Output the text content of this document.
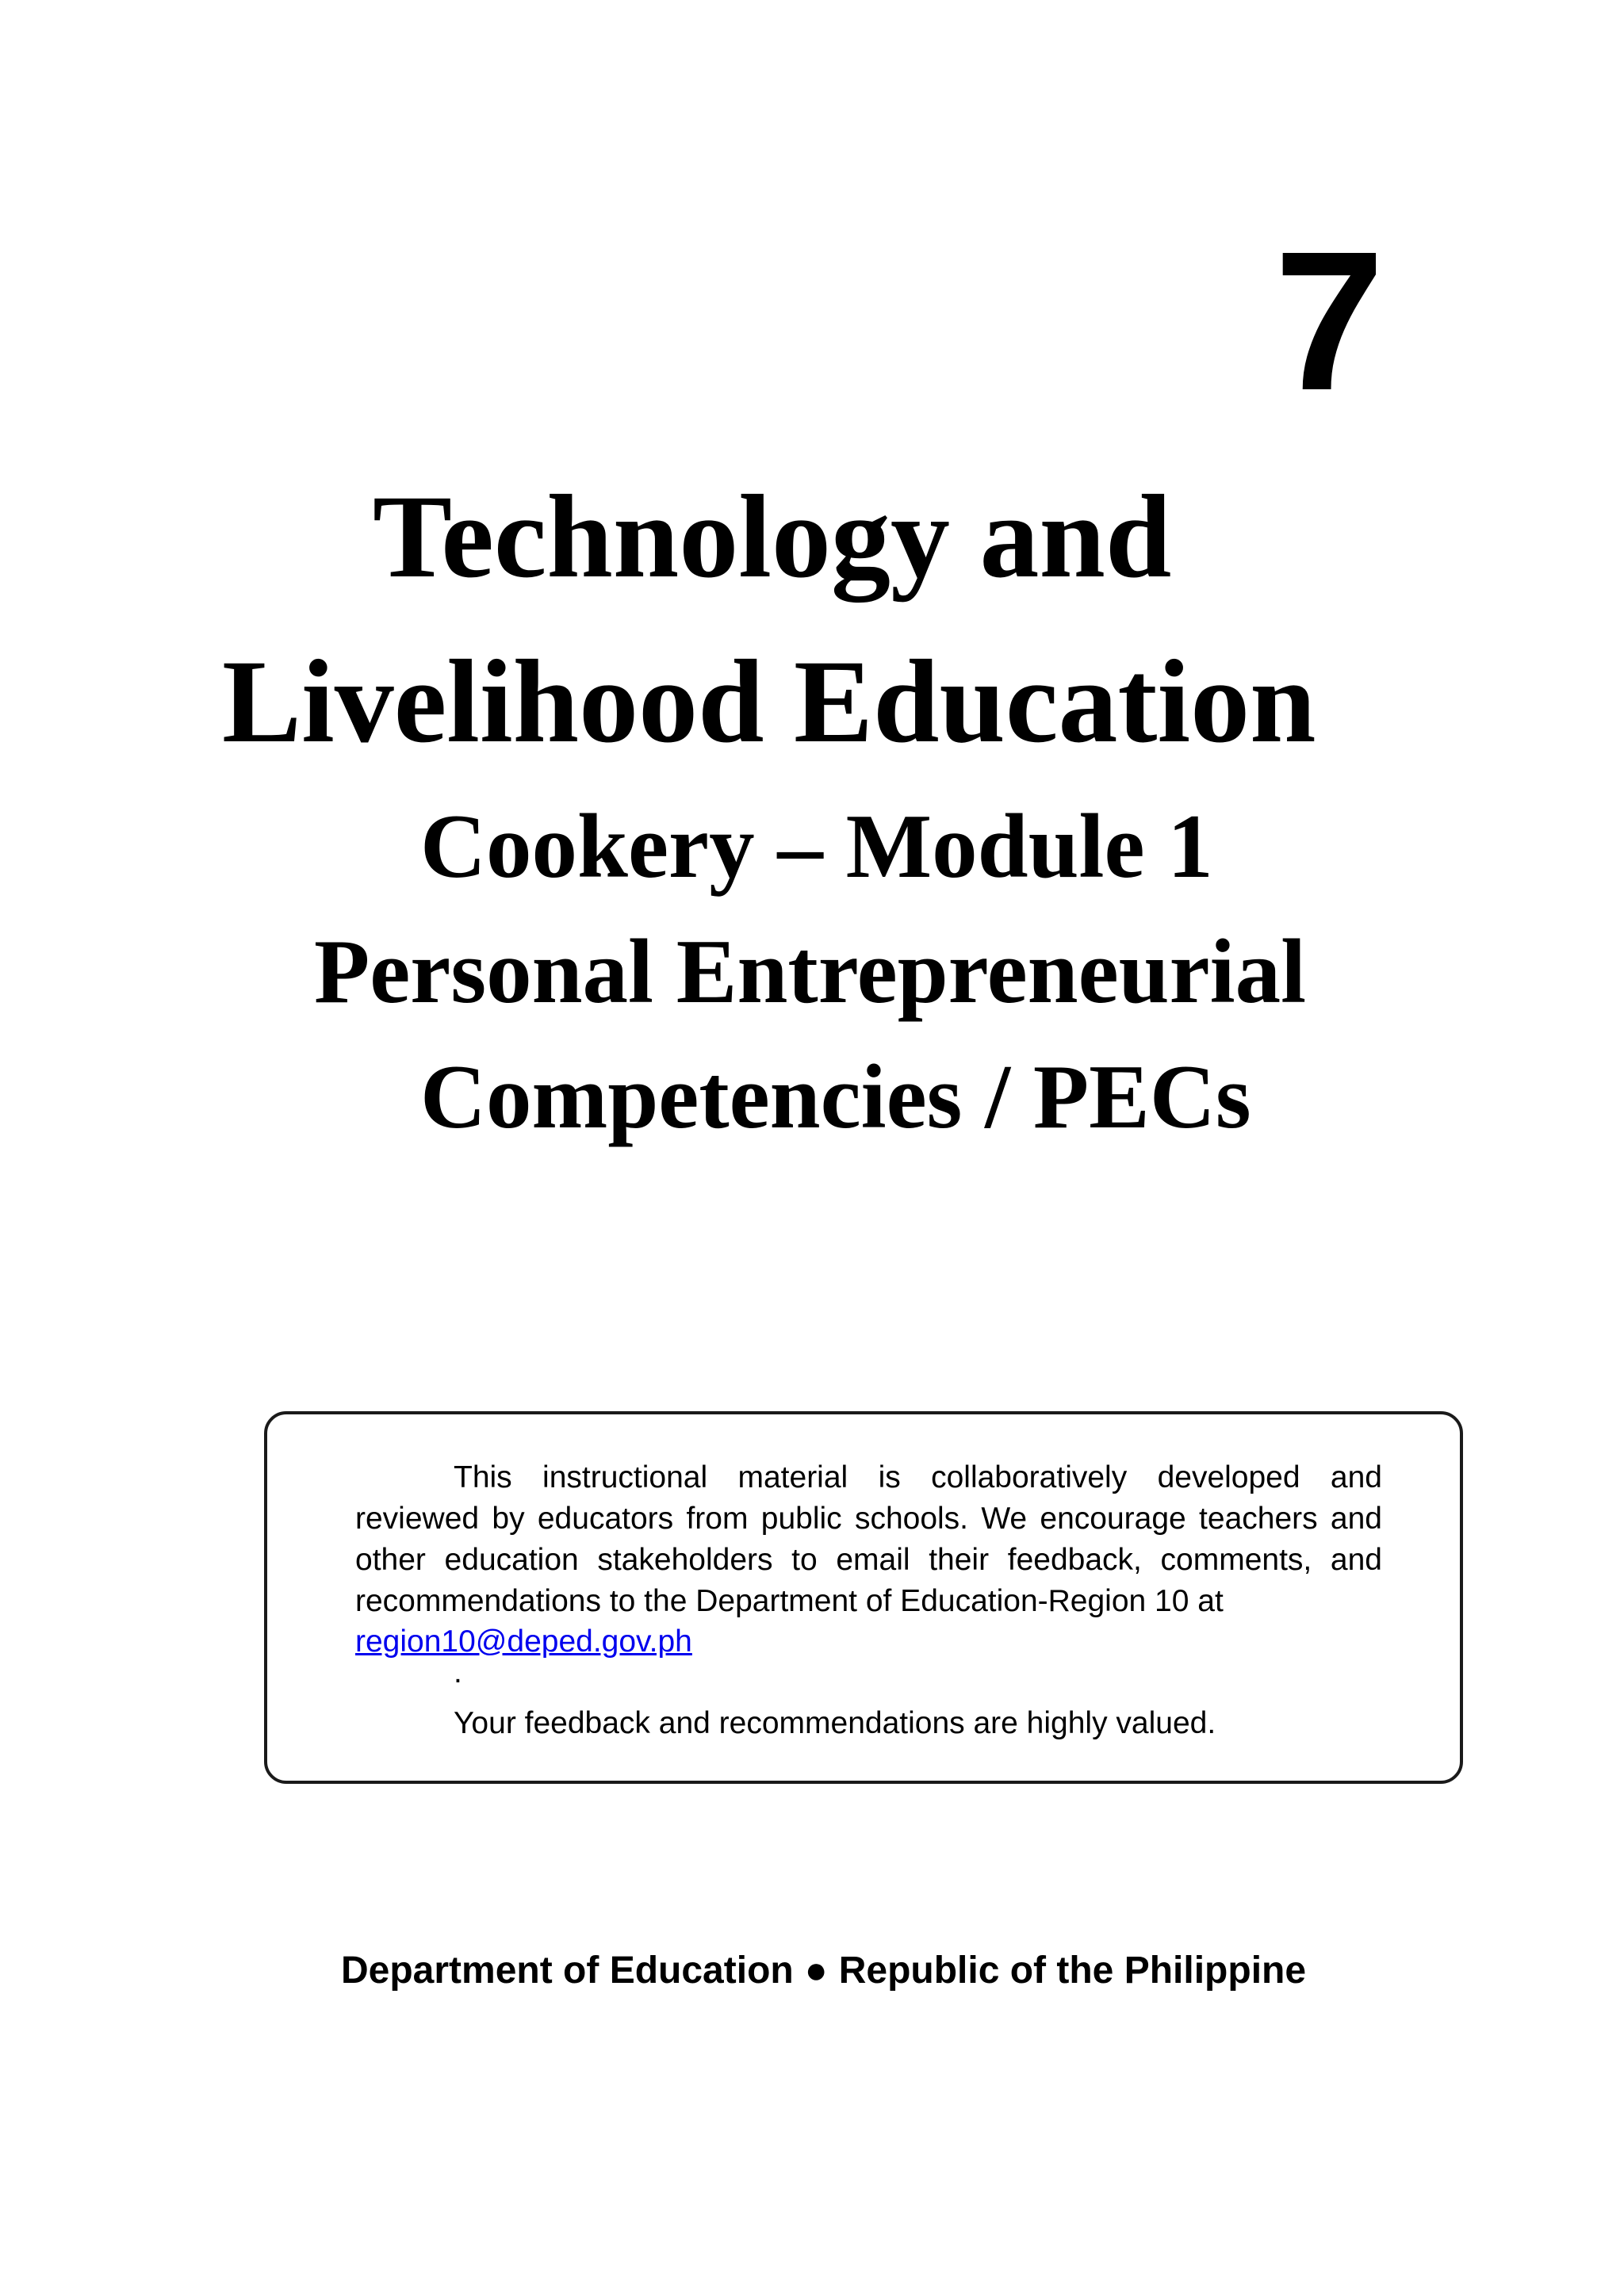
7
Technology and
Livelihood Education
Cookery – Module 1
Personal Entrepreneurial
Competencies / PECs

This instructional material is collaboratively developed and reviewed by educators from public schools. We encourage teachers and other education stakeholders to email their feedback, comments, and recommendations to the Department of Education-Region 10 at

region10@deped.gov.ph
.
Your feedback and recommendations are highly valued.
Department of Education ● Republic of the Philippine
